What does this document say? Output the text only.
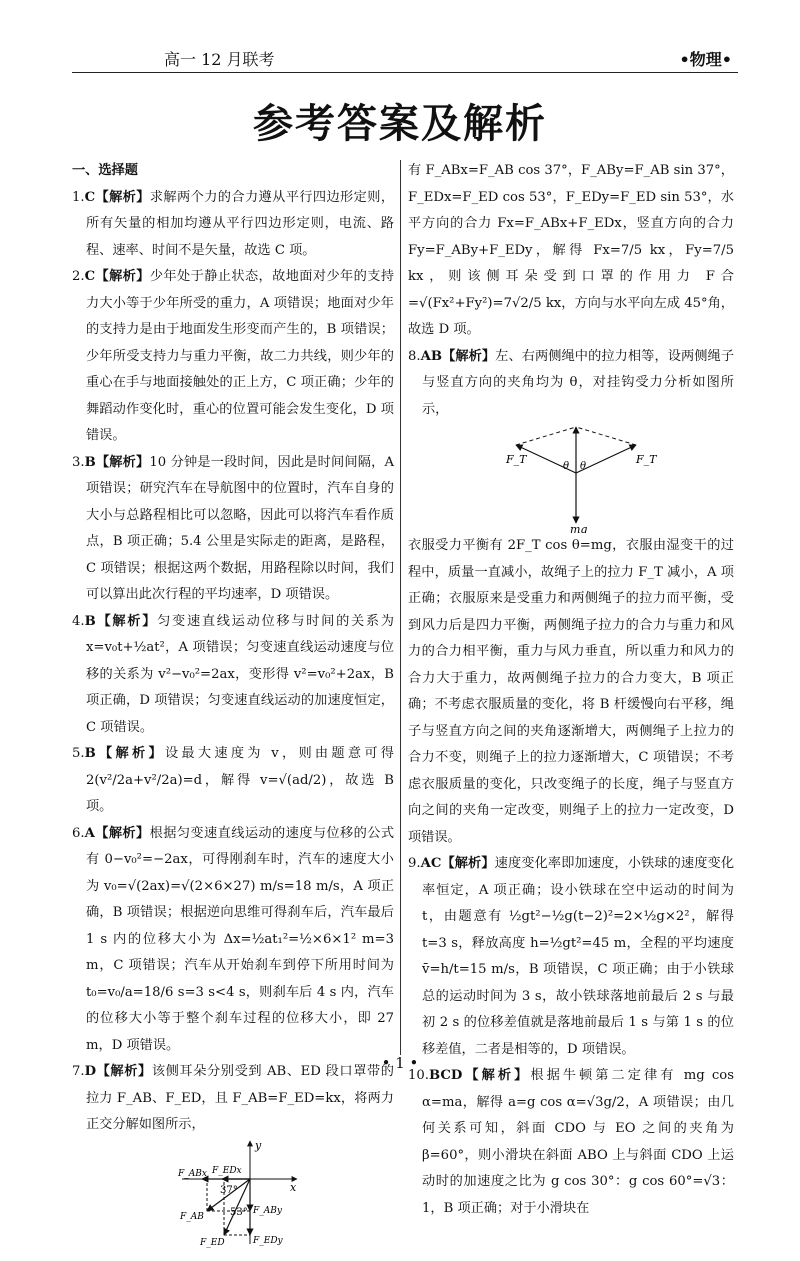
高一 12 月联考	•物理•
参考答案及解析
一、选择题
1.C【解析】求解两个力的合力遵从平行四边形定则，所有矢量的相加均遵从平行四边形定则，电流、路程、速率、时间不是矢量，故选 C 项。
2.C【解析】少年处于静止状态，故地面对少年的支持力大小等于少年所受的重力，A 项错误；地面对少年的支持力是由于地面发生形变而产生的，B 项错误；少年所受支持力与重力平衡，故二力共线，则少年的重心在手与地面接触处的正上方，C 项正确；少年的舞蹈动作变化时，重心的位置可能会发生变化，D 项错误。
3.B【解析】10 分钟是一段时间，因此是时间间隔，A 项错误；研究汽车在导航图中的位置时，汽车自身的大小与总路程相比可以忽略，因此可以将汽车看作质点，B 项正确；5.4 公里是实际走的距离，是路程，C 项错误；根据这两个数据，用路程除以时间，我们可以算出此次行程的平均速率，D 项错误。
4.B【解析】匀变速直线运动位移与时间的关系为 x=v₀t+½at²，A 项错误；匀变速直线运动速度与位移的关系为 v²−v₀²=2ax，变形得 v²=v₀²+2ax，B 项正确，D 项错误；匀变速直线运动的加速度恒定，C 项错误。
5.B【解析】设最大速度为 v，则由题意可得 2(v²/2a+v²/2a)=d，解得 v=√(ad/2)，故选 B 项。
6.A【解析】根据匀变速直线运动的速度与位移的公式有 0−v₀²=−2ax，可得刚刹车时，汽车的速度大小为 v₀=√(2ax)=√(2×6×27) m/s=18 m/s，A 项正确，B 项错误；根据逆向思维可得刹车后，汽车最后 1 s 内的位移大小为 Δx=½at₁²=½×6×1² m=3 m，C 项错误；汽车从开始刹车到停下所用时间为 t₀=v₀/a=18/6 s=3 s<4 s，则刹车后 4 s 内，汽车的位移大小等于整个刹车过程的位移大小，即 27 m，D 项错误。
7.D【解析】该侧耳朵分别受到 AB、ED 段口罩带的拉力 F_AB、F_ED，且 F_AB=F_ED=kx，将两力正交分解如图所示，
y
x
F_ABx F_EDx
37°
53° F_ABy
F_AB
F_ED	F_EDy
有 F_ABx=F_AB cos 37°，F_ABy=F_AB sin 37°，F_EDx=F_ED cos 53°，F_EDy=F_ED sin 53°，水平方向的合力 Fx=F_ABx+F_EDx，竖直方向的合力 Fy=F_ABy+F_EDy，解得 Fx=7/5 kx，Fy=7/5 kx，则该侧耳朵受到口罩的作用力 F合=√(Fx²+Fy²)=7√2/5 kx，方向与水平向左成 45°角，故选 D 项。
8.AB【解析】左、右两侧绳中的拉力相等，设两侧绳子与竖直方向的夹角均为 θ，对挂钩受力分析如图所示，
F_T	F_T
θ θ
mg
衣服受力平衡有 2F_T cos θ=mg，衣服由湿变干的过程中，质量一直减小，故绳子上的拉力 F_T 减小，A 项正确；衣服原来是受重力和两侧绳子的拉力而平衡，受到风力后是四力平衡，两侧绳子拉力的合力与重力和风力的合力相平衡，重力与风力垂直，所以重力和风力的合力大于重力，故两侧绳子拉力的合力变大，B 项正确；不考虑衣服质量的变化，将 B 杆缓慢向右平移，绳子与竖直方向之间的夹角逐渐增大，两侧绳子上拉力的合力不变，则绳子上的拉力逐渐增大，C 项错误；不考虑衣服质量的变化，只改变绳子的长度，绳子与竖直方向之间的夹角一定改变，则绳子上的拉力一定改变，D 项错误。
9.AC【解析】速度变化率即加速度，小铁球的速度变化率恒定，A 项正确；设小铁球在空中运动的时间为 t，由题意有 ½gt²−½g(t−2)²=2×½g×2²，解得 t=3 s，释放高度 h=½gt²=45 m，全程的平均速度 v̄=h/t=15 m/s，B 项错误，C 项正确；由于小铁球总的运动时间为 3 s，故小铁球落地前最后 2 s 与最初 2 s 的位移差值就是落地前最后 1 s 与第 1 s 的位移差值，二者是相等的，D 项错误。
10.BCD【解析】根据牛顿第二定律有 mg cos α=ma，解得 a=g cos α=√3g/2，A 项错误；由几何关系可知，斜面 CDO 与 EO 之间的夹角为 β=60°，则小滑块在斜面 ABO 上与斜面 CDO 上运动时的加速度之比为 g cos 30°：g cos 60°=√3：1，B 项正确；对于小滑块在
• 1 •
